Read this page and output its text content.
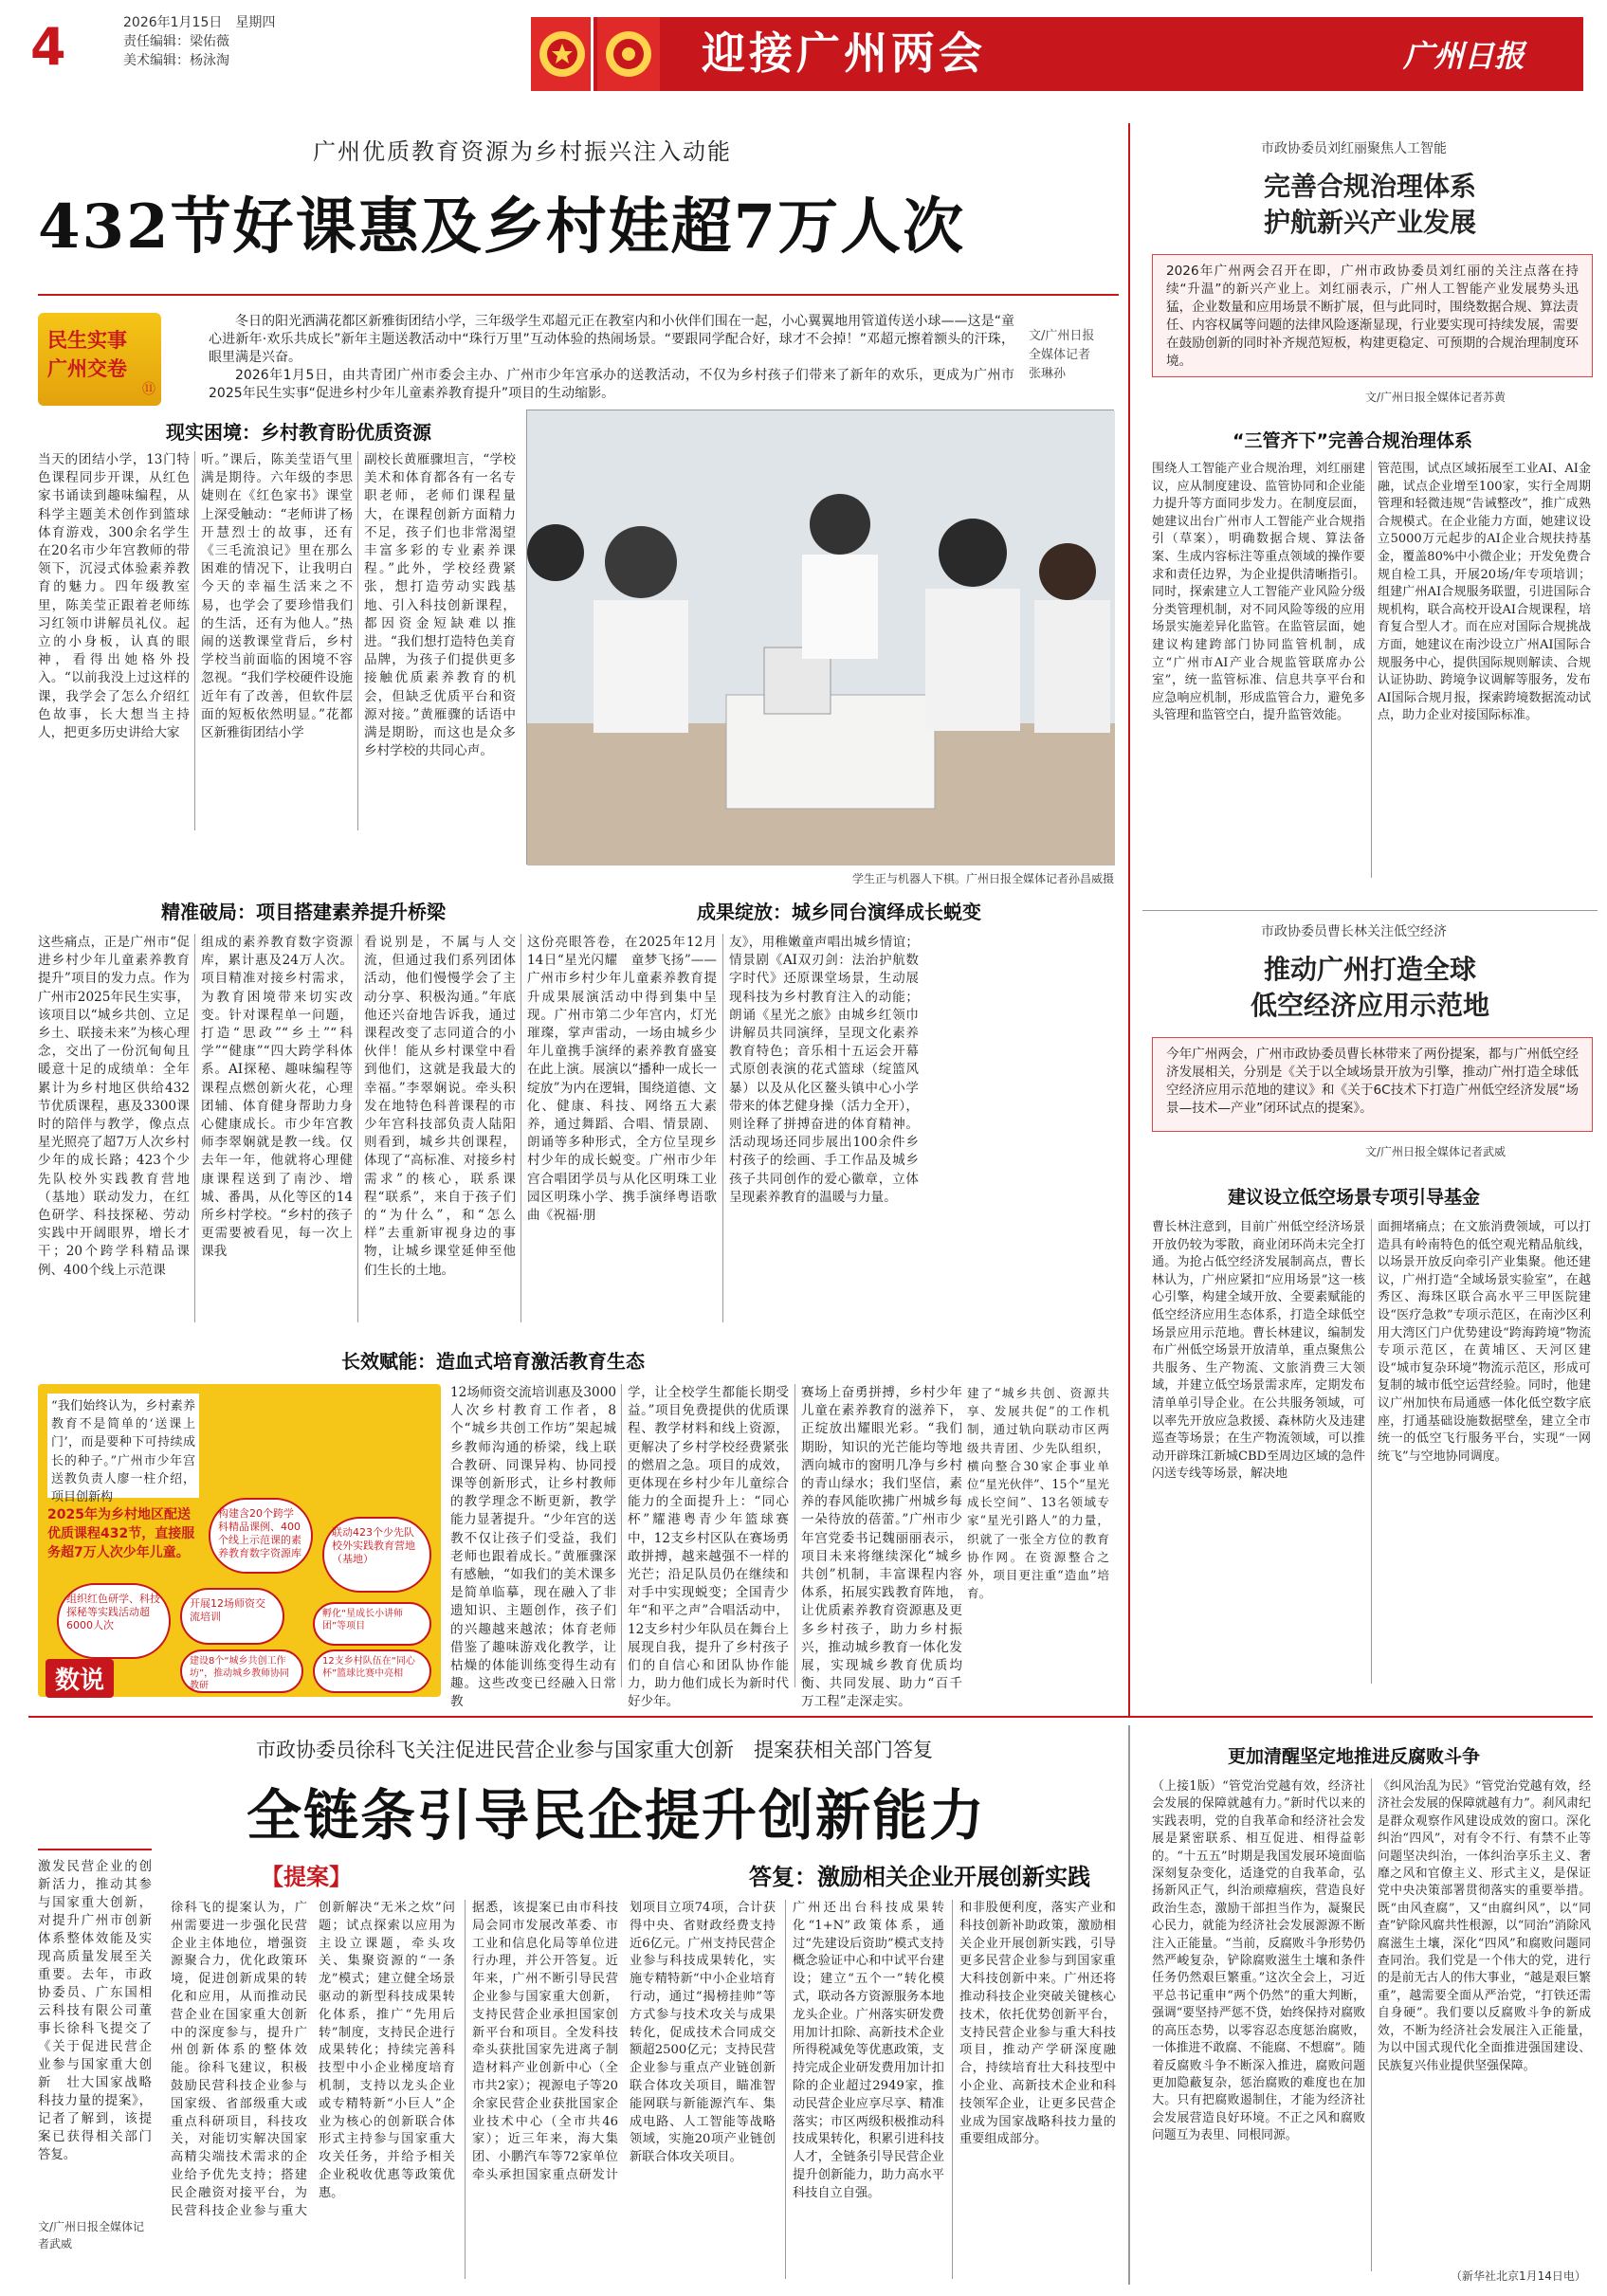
4	2026年1月15日　星期四
责任编辑：梁佑薇
美术编辑：杨泳淘	迎接广州两会	广州日报
广州优质教育资源为乡村振兴注入动能
432节好课惠及乡村娃超7万人次
民生实事 广州交卷
⑪

冬日的阳光洒满花都区新雅街团结小学，三年级学生邓超元正在教室内和小伙伴们围在一起，小心翼翼地用管道传送小球——这是“童心进新年·欢乐共成长”新年主题送教活动中“珠行万里”互动体验的热闹场景。“要跟同学配合好，球才不会掉！”邓超元擦着额头的汗珠，眼里满是兴奋。

2026年1月5日，由共青团广州市委会主办、广州市少年宫承办的送教活动，不仅为乡村孩子们带来了新年的欢乐，更成为广州市2025年民生实事“促进乡村少年儿童素养教育提升”项目的生动缩影。

文/广州日报全媒体记者张琳孙
现实困境：乡村教育盼优质资源
当天的团结小学，13门特色课程同步开课，从红色家书诵读到趣味编程，从科学主题美术创作到篮球体育游戏，300余名学生在20名市少年宫教师的带领下，沉浸式体验素养教育的魅力。四年级教室里，陈美莹正跟着老师练习红领巾讲解员礼仪。起立的小身板，认真的眼神，看得出她格外投入。“以前我没上过这样的课，我学会了怎么介绍红色故事，长大想当主持人，把更多历史讲给大家
听。”课后，陈美莹语气里满是期待。六年级的李思婕则在《红色家书》课堂上深受触动：“老师讲了杨开慧烈士的故事，还有《三毛流浪记》里在那么困难的情况下，让我明白今天的幸福生活来之不易，也学会了要珍惜我们的生活，还有为他人。”热闹的送教课堂背后，乡村学校当前面临的困境不容忽视。“我们学校硬件设施近年有了改善，但软件层面的短板依然明显。”花都区新雅街团结小学
副校长黄雁骤坦言，“学校美术和体育都各有一名专职老师，老师们课程量大，在课程创新方面精力不足，孩子们也非常渴望丰富多彩的专业素养课程。”此外，学校经费紧张，想打造劳动实践基地、引入科技创新课程，都因资金短缺难以推进。“我们想打造特色美育品牌，为孩子们提供更多接触优质素养教育的机会，但缺乏优质平台和资源对接。”黄雁骤的话语中满是期盼，而这也是众多乡村学校的共同心声。
学生正与机器人下棋。广州日报全媒体记者孙昌威摄
精准破局：项目搭建素养提升桥梁	成果绽放：城乡同台演绎成长蜕变
这些痛点，正是广州市“促进乡村少年儿童素养教育提升”项目的发力点。作为广州市2025年民生实事，该项目以“城乡共创、立足乡土、联接未来”为核心理念，交出了一份沉甸甸且暖意十足的成绩单：全年累计为乡村地区供给432节优质课程，惠及3300课时的陪伴与教学，像点点星光照亮了超7万人次乡村少年的成长路；423个少先队校外实践教育营地（基地）联动发力，在红色研学、科技探秘、劳动实践中开阔眼界，增长才干；20个跨学科精品课例、400个线上示范课
组成的素养教育数字资源库，累计惠及24万人次。项目精准对接乡村需求，为教育困境带来切实改变。针对课程单一问题，打造“思政”“乡土”“科学”“健康”“四大跨学科体系。AI探秘、趣味编程等课程点燃创新火花，心理团辅、体育健身帮助力身心健康成长。市少年宫教师李翠娴就是教一线。仅去年一年，他就将心理健康课程送到了南沙、增城、番禺，从化等区的14所乡村学校。“乡村的孩子更需要被看见，每一次上课我
看说别是，不属与人交流，但通过我们系列团体活动，他们慢慢学会了主动分享、积极沟通。”年底他还兴奋地告诉我，通过课程改变了志同道合的小伙伴！能从乡村课堂中看到他们，这就是我最大的幸福。”李翠娴说。牵头积发在地特色科普课程的市少年宫科技部负责人陆阳则看到，城乡共创课程，体现了“高标准、对接乡村需求”的核心，联系课程“联系”，来自于孩子们的“为什么”，和“怎么样”去重新审视身边的事物，让城乡课堂延伸至他们生长的土地。
这份亮眼答卷，在2025年12月14日“星光闪耀　童梦飞扬”——广州市乡村少年儿童素养教育提升成果展演活动中得到集中呈现。广州市第二少年宫内，灯光璀璨，掌声雷动，一场由城乡少年儿童携手演绎的素养教育盛宴在此上演。展演以“播种一成长一绽放”为内在逻辑，围绕道德、文化、健康、科技、网络五大素养，通过舞蹈、合唱、情景剧、朗诵等多种形式，全方位呈现乡村少年的成长蜕变。广州市少年宫合唱团学员与从化区明珠工业园区明珠小学、携手演绎粤语歌曲《祝福·朋
友》，用稚嫩童声唱出城乡情谊；情景剧《AI双刃剑：法治护航数字时代》还原课堂场景，生动展现科技为乡村教育注入的动能；朗诵《星光之旅》由城乡红领巾讲解员共同演绎，呈现文化素养教育特色；音乐相十五运会开幕式原创表演的花式篮球（绽篮风暴）以及从化区鳌头镇中心小学带来的体艺健身操（活力全开），则诠释了拼搏奋进的体育精神。活动现场还同步展出100余件乡村孩子的绘画、手工作品及城乡孩子共同创作的爱心徽章，立体呈现素养教育的温暖与力量。
长效赋能：造血式培育激活教育生态
“我们始终认为，乡村素养教育不是简单的‘送课上门’，而是要种下可持续成长的种子。”广州市少年宫送教负责人廖一柱介绍，项目创新构
2025年为乡村地区配送优质课程432节，直接服务超7万人次少年儿童。
构建含20个跨学科精品课例、400个线上示范课的素养教育数字资源库
联动423个少先队校外实践教育营地（基地）
组织红色研学、科技探秘等实践活动超6000人次
开展12场师资交流培训
建设8个“城乡共创工作坊”，推动城乡教师协同教研
孵化“星成长小讲师团”等项目
12支乡村队伍在“同心杯”篮球比赛中亮相
数说
12场师资交流培训惠及3000人次乡村教育工作者，8个“城乡共创工作坊”架起城乡教师沟通的桥梁，线上联合教研、同课异构、协同授课等创新形式，让乡村教师的教学理念不断更新，教学能力显著提升。“少年宫的送教不仅让孩子们受益，我们老师也跟着成长。”黄雁骤深有感触，“如我们的美术课多是简单临摹，现在融入了非遗知识、主题创作，孩子们的兴趣越来越浓；体育老师借鉴了趣味游戏化教学，让枯燥的体能训练变得生动有趣。这些改变已经融入日常教
学，让全校学生都能长期受益。”项目免费提供的优质课程、教学材料和线上资源，更解决了乡村学校经费紧张的燃眉之急。项目的成效，更体现在乡村少年儿童综合能力的全面提升上：“同心杯”耀港粤青少年篮球赛中，12支乡村区队在赛场勇敢拼搏，越来越强不一样的光芒；沿足队员仍在继续和对手中实现蜕变；全国青少年“和平之声”合唱活动中，12支乡村少年队员在舞台上展现自我，提升了乡村孩子们的自信心和团队协作能力，助力他们成长为新时代好少年。
赛场上奋勇拼搏，乡村少年儿童在素养教育的滋养下，正绽放出耀眼光彩。“我们期盼，知识的光芒能均等地洒向城市的窗明几净与乡村的青山绿水；我们坚信，素养的春风能吹拂广州城乡每一朵待放的蓓蕾。”广州市少年宫党委书记魏丽丽表示，项目未来将继续深化“城乡共创”机制，丰富课程内容体系，拓展实践教育阵地，让优质素养教育资源惠及更多乡村孩子，助力乡村振兴，推动城乡教育一体化发展，实现城乡教育优质均衡、共同发展、助力“百千万工程”走深走实。
建了“城乡共创、资源共享、发展共促”的工作机制，通过轨向联动市区两级共青团、少先队组织，横向整合30家企事业单位“星光伙伴”、15个“星光成长空间”、13名领域专家“星光引路人”的力量，织就了一张全方位的教育协作网。在资源整合之外，项目更注重“造血”培育。
市政协委员刘红丽聚焦人工智能
完善合规治理体系
护航新兴产业发展
2026年广州两会召开在即，广州市政协委员刘红丽的关注点落在持续“升温”的新兴产业上。刘红丽表示，广州人工智能产业发展势头迅猛，企业数量和应用场景不断扩展，但与此同时，围绕数据合规、算法责任、内容权属等问题的法律风险逐渐显现，行业要实现可持续发展，需要在鼓励创新的同时补齐规范短板，构建更稳定、可预期的合规治理制度环境。
文/广州日报全媒体记者苏黄
“三管齐下”完善合规治理体系
围绕人工智能产业合规治理，刘红丽建议，应从制度建设、监管协同和企业能力提升等方面同步发力。在制度层面，她建议出台广州市人工智能产业合规指引（草案），明确数据合规、算法备案、生成内容标注等重点领域的操作要求和责任边界，为企业提供清晰指引。同时，探索建立人工智能产业风险分级分类管理机制，对不同风险等级的应用场景实施差异化监管。在监管层面，她建议构建跨部门协同监管机制，成立“广州市AI产业合规监管联席办公室”，统一监管标准、信息共享平台和应急响应机制，形成监管合力，避免多头管理和监管空白，提升监管效能。
管范围，试点区域拓展至工业AI、AI金融，试点企业增至100家，实行全周期管理和轻微违规“告诫整改”，推广成熟合规模式。在企业能力方面，她建议设立5000万元起步的AI企业合规扶持基金，覆盖80%中小微企业；开发免费合规自检工具，开展20场/年专项培训；组建广州AI合规服务联盟，引进国际合规机构，联合高校开设AI合规课程，培育复合型人才。而在应对国际合规挑战方面，她建议在南沙设立广州AI国际合规服务中心，提供国际规则解读、合规认证协助、跨境争议调解等服务，发布AI国际合规月报，探索跨境数据流动试点，助力企业对接国际标准。
市政协委员曹长林关注低空经济
推动广州打造全球
低空经济应用示范地
今年广州两会，广州市政协委员曹长林带来了两份提案，都与广州低空经济发展相关，分别是《关于以全域场景开放为引擎，推动广州打造全球低空经济应用示范地的建议》和《关于6C技术下打造广州低空经济发展“场景—技术—产业”闭环试点的提案》。
文/广州日报全媒体记者武威
建议设立低空场景专项引导基金
曹长林注意到，目前广州低空经济场景开放仍较为零散，商业闭环尚未完全打通。为抢占低空经济发展制高点，曹长林认为，广州应紧扣“应用场景”这一核心引擎，构建全域开放、全要素赋能的低空经济应用生态体系，打造全球低空场景应用示范地。曹长林建议，编制发布广州低空场景开放清单，重点聚焦公共服务、生产物流、文旅消费三大领域，并建立低空场景需求库，定期发布清单单引导企业。在公共服务领域，可以率先开放应急救援、森林防火及违建巡查等场景；在生产物流领域，可以推动开辟珠江新城CBD至周边区域的急件闪送专线等场景，解决地
面拥堵痛点；在文旅消费领域，可以打造具有岭南特色的低空观光精品航线，以场景开放反向牵引产业集聚。他还建议，广州打造“全域场景实验室”，在越秀区、海珠区联合高水平三甲医院建设“医疗急救”专项示范区，在南沙区利用大湾区门户优势建设“跨海跨境”物流专项示范区，在黄埔区、天河区建设“城市复杂环境”物流示范区，形成可复制的城市低空运营经验。同时，他建议广州加快布局通感一体化低空数字底座，打通基础设施数据壁垒，建立全市统一的低空飞行服务平台，实现“一网统飞”与空地协同调度。
市政协委员徐科飞关注促进民营企业参与国家重大创新　提案获相关部门答复
全链条引导民企提升创新能力
激发民营企业的创新活力，推动其参与国家重大创新，对提升广州市创新体系整体效能及实现高质量发展至关重要。去年，市政协委员、广东国相云科技有限公司董事长徐科飞提交了《关于促进民营企业参与国家重大创新　壮大国家战略科技力量的提案》，记者了解到，该提案已获得相关部门答复。
文/广州日报全媒体记者武威
【提案】	答复：激励相关企业开展创新实践
徐科飞的提案认为，广州需要进一步强化民营企业主体地位，增强资源聚合力，优化政策环境，促进创新成果的转化和应用，从而推动民营企业在国家重大创新中的深度参与，提升广州创新体系的整体效能。徐科飞建议，积极鼓励民营科技企业参与国家级、省部级重大或重点科研项目，科技攻关，对能切实解决国家高精尖端技术需求的企业给予优先支持；搭建民企融资对接平台，为民营科技企业参与重大创新解决“无米之炊”问题；试点探索以应用为主设立课题，牵头攻关、集聚资源的“一条龙”模式；建立健全场景驱动的新型科技成果转化体系，推广“先用后转”制度，支持民企进行成果转化；持续完善科技型中小企业梯度培育机制，支持以龙头企业或专精特新“小巨人”企业为核心的创新联合体形式主持参与国家重大攻关任务，并给予相关企业税收优惠等政策优惠。
据悉，该提案已由市科技局会同市发展改革委、市工业和信息化局等单位进行办理，并公开答复。近年来，广州不断引导民营企业参与国家重大创新，支持民营企业承担国家创新平台和项目。全发科技牵头获批国家先进离子制造材料产业创新中心（全市共2家）；视源电子等20余家民营企业获批国家企业技术中心（全市共46家）；近三年来，海大集团、小鹏汽车等72家单位牵头承担国家重点研发计划项目立项74项，合计获得中央、省财政经费支持近6亿元。广州支持民营企业参与科技成果转化，实施专精特新“中小企业培育行动，通过“揭榜挂帅”等方式参与技术攻关与成果转化，促成技术合同成交额超2500亿元；支持民营企业参与重点产业链创新联合体攻关项目，瞄准智能网联与新能源汽车、集成电路、人工智能等战略领域，实施20项产业链创新联合体攻关项目。
广州还出台科技成果转化“1+N”政策体系，通过“先建设后资助”模式支持概念验证中心和中试平台建设；建立“五个一”转化模式，联动各方资源服务本地龙头企业。广州落实研发费用加计扣除、高新技术企业所得税减免等优惠政策，支持完成企业研发费用加计扣除的企业超过2949家，推动民营企业应享尽享、精准落实；市区两级积极推动科技成果转化，积累引进科技人才，全链条引导民营企业提升创新能力，助力高水平科技自立自强。
和非股便利度，落实产业和科技创新补助政策，激励相关企业开展创新实践，引导更多民营企业参与到国家重大科技创新中来。广州还将推动科技企业突破关键核心技术，依托优势创新平台，支持民营企业参与重大科技项目，推动产学研深度融合，持续培育壮大科技型中小企业、高新技术企业和科技领军企业，让更多民营企业成为国家战略科技力量的重要组成部分。
更加清醒坚定地推进反腐败斗争
（上接1版）“管党治党越有效，经济社会发展的保障就越有力。”新时代以来的实践表明，党的自我革命和经济社会发展是紧密联系、相互促进、相得益彰的。“十五五”时期是我国发展环境面临深刻复杂变化，适逢党的自我革命，弘扬新风正气，纠治顽瘴痼疾，营造良好政治生态，激励干部担当作为，凝聚民心民力，就能为经济社会发展源源不断注入正能量。“当前，反腐败斗争形势仍然严峻复杂，铲除腐败滋生土壤和条件任务仍然艰巨繁重。”这次全会上，习近平总书记重申“两个仍然”的重大判断，强调“要坚持严惩不贷，始终保持对腐败的高压态势，以零容忍态度惩治腐败，一体推进不敢腐、不能腐、不想腐”。随着反腐败斗争不断深入推进，腐败问题更加隐蔽复杂，惩治腐败的难度也在加大。只有把腐败遏制住，才能为经济社会发展营造良好环境。不正之风和腐败问题互为表里、同根同源。
《纠风治乱为民》“管党治党越有效，经济社会发展的保障就越有力”。刹风肃纪是群众观察作风建设成效的窗口。深化纠治“四风”，对有令不行、有禁不止等问题坚决纠治，一体纠治享乐主义、奢靡之风和官僚主义、形式主义，是保证党中央决策部署贯彻落实的重要举措。既“由风查腐”，又“由腐纠风”，以“同查”铲除风腐共性根源，以“同治”消除风腐滋生土壤，深化“四风”和腐败问题同查同治。我们党是一个伟大的党，进行的是前无古人的伟大事业，“越是艰巨繁重”，越需要全面从严治党，“打铁还需自身硬”。我们要以反腐败斗争的新成效，不断为经济社会发展注入正能量，为以中国式现代化全面推进强国建设、民族复兴伟业提供坚强保障。
（新华社北京1月14日电）
